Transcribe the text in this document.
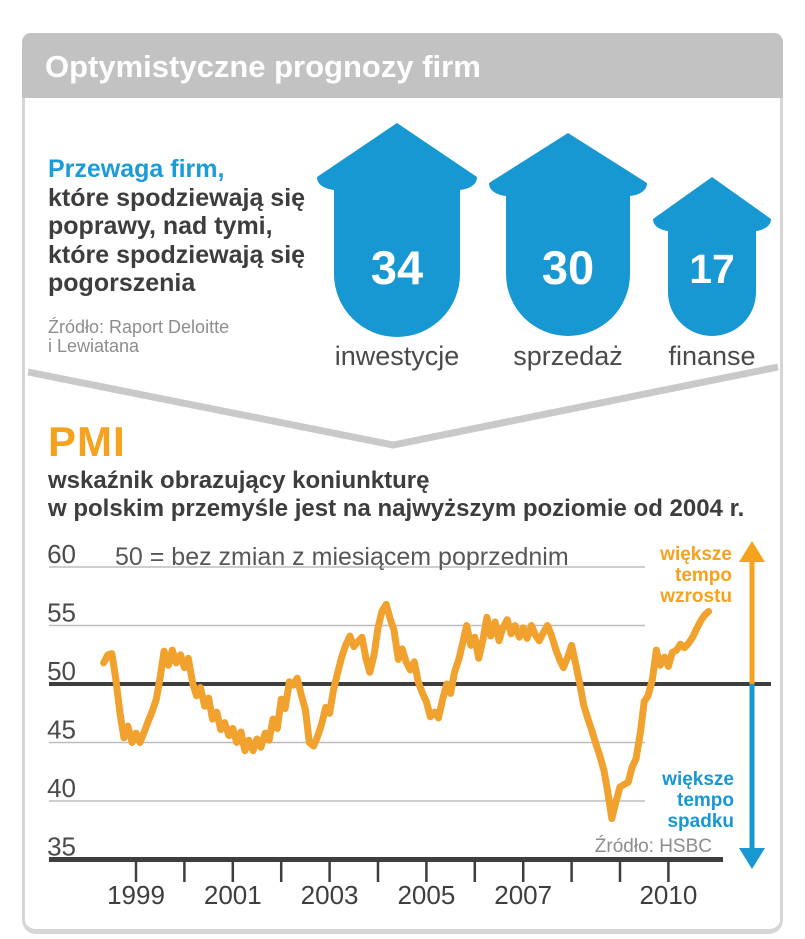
Optymistyczne prognozy firm
Przewaga firm,
które spodziewają się
poprawy, nad tymi,
które spodziewają się
pogorszenia
Źródło: Raport Deloitte
i Lewiatana
34
inwestycje
30
sprzedaż
17
finanse
PMI
wskaźnik obrazujący koniunkturę
w polskim przemyśle jest na najwyższym poziomie od 2004 r.
60
55
50
45
40
35
50 = bez zmian z miesiącem poprzednim
1999 2001 2003 2005 2007	2010
większe
tempo
wzrostu
większe
tempo
spadku
Źródło: HSBC
